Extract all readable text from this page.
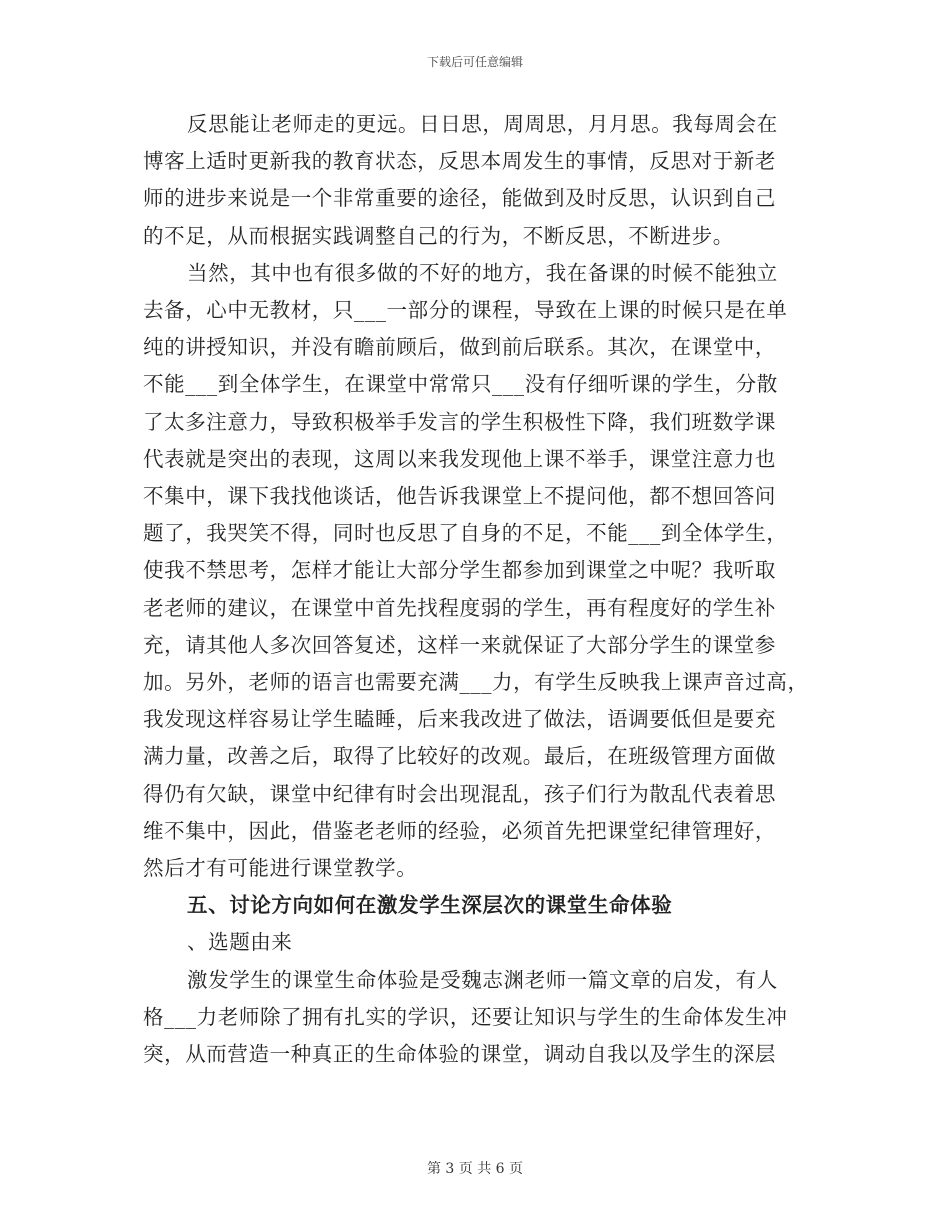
下载后可任意编辑
反思能让老师走的更远。日日思，周周思，月月思。我每周会在
博客上适时更新我的教育状态，反思本周发生的事情，反思对于新老
师的进步来说是一个非常重要的途径，能做到及时反思，认识到自己
的不足，从而根据实践调整自己的行为，不断反思，不断进步。
当然，其中也有很多做的不好的地方，我在备课的时候不能独立
去备，心中无教材，只___一部分的课程，导致在上课的时候只是在单
纯的讲授知识，并没有瞻前顾后，做到前后联系。其次，在课堂中，
不能___到全体学生，在课堂中常常只___没有仔细听课的学生，分散
了太多注意力，导致积极举手发言的学生积极性下降，我们班数学课
代表就是突出的表现，这周以来我发现他上课不举手，课堂注意力也
不集中，课下我找他谈话，他告诉我课堂上不提问他，都不想回答问
题了，我哭笑不得，同时也反思了自身的不足，不能___到全体学生，
使我不禁思考，怎样才能让大部分学生都参加到课堂之中呢？我听取
老老师的建议，在课堂中首先找程度弱的学生，再有程度好的学生补
充，请其他人多次回答复述，这样一来就保证了大部分学生的课堂参
加。另外，老师的语言也需要充满___力，有学生反映我上课声音过高，
我发现这样容易让学生瞌睡，后来我改进了做法，语调要低但是要充
满力量，改善之后，取得了比较好的改观。最后，在班级管理方面做
得仍有欠缺，课堂中纪律有时会出现混乱，孩子们行为散乱代表着思
维不集中，因此，借鉴老老师的经验，必须首先把课堂纪律管理好，
然后才有可能进行课堂教学。
五、讨论方向如何在激发学生深层次的课堂生命体验
、选题由来
激发学生的课堂生命体验是受魏志渊老师一篇文章的启发，有人
格___力老师除了拥有扎实的学识，还要让知识与学生的生命体发生冲
突，从而营造一种真正的生命体验的课堂，调动自我以及学生的深层
第 3 页 共 6 页
